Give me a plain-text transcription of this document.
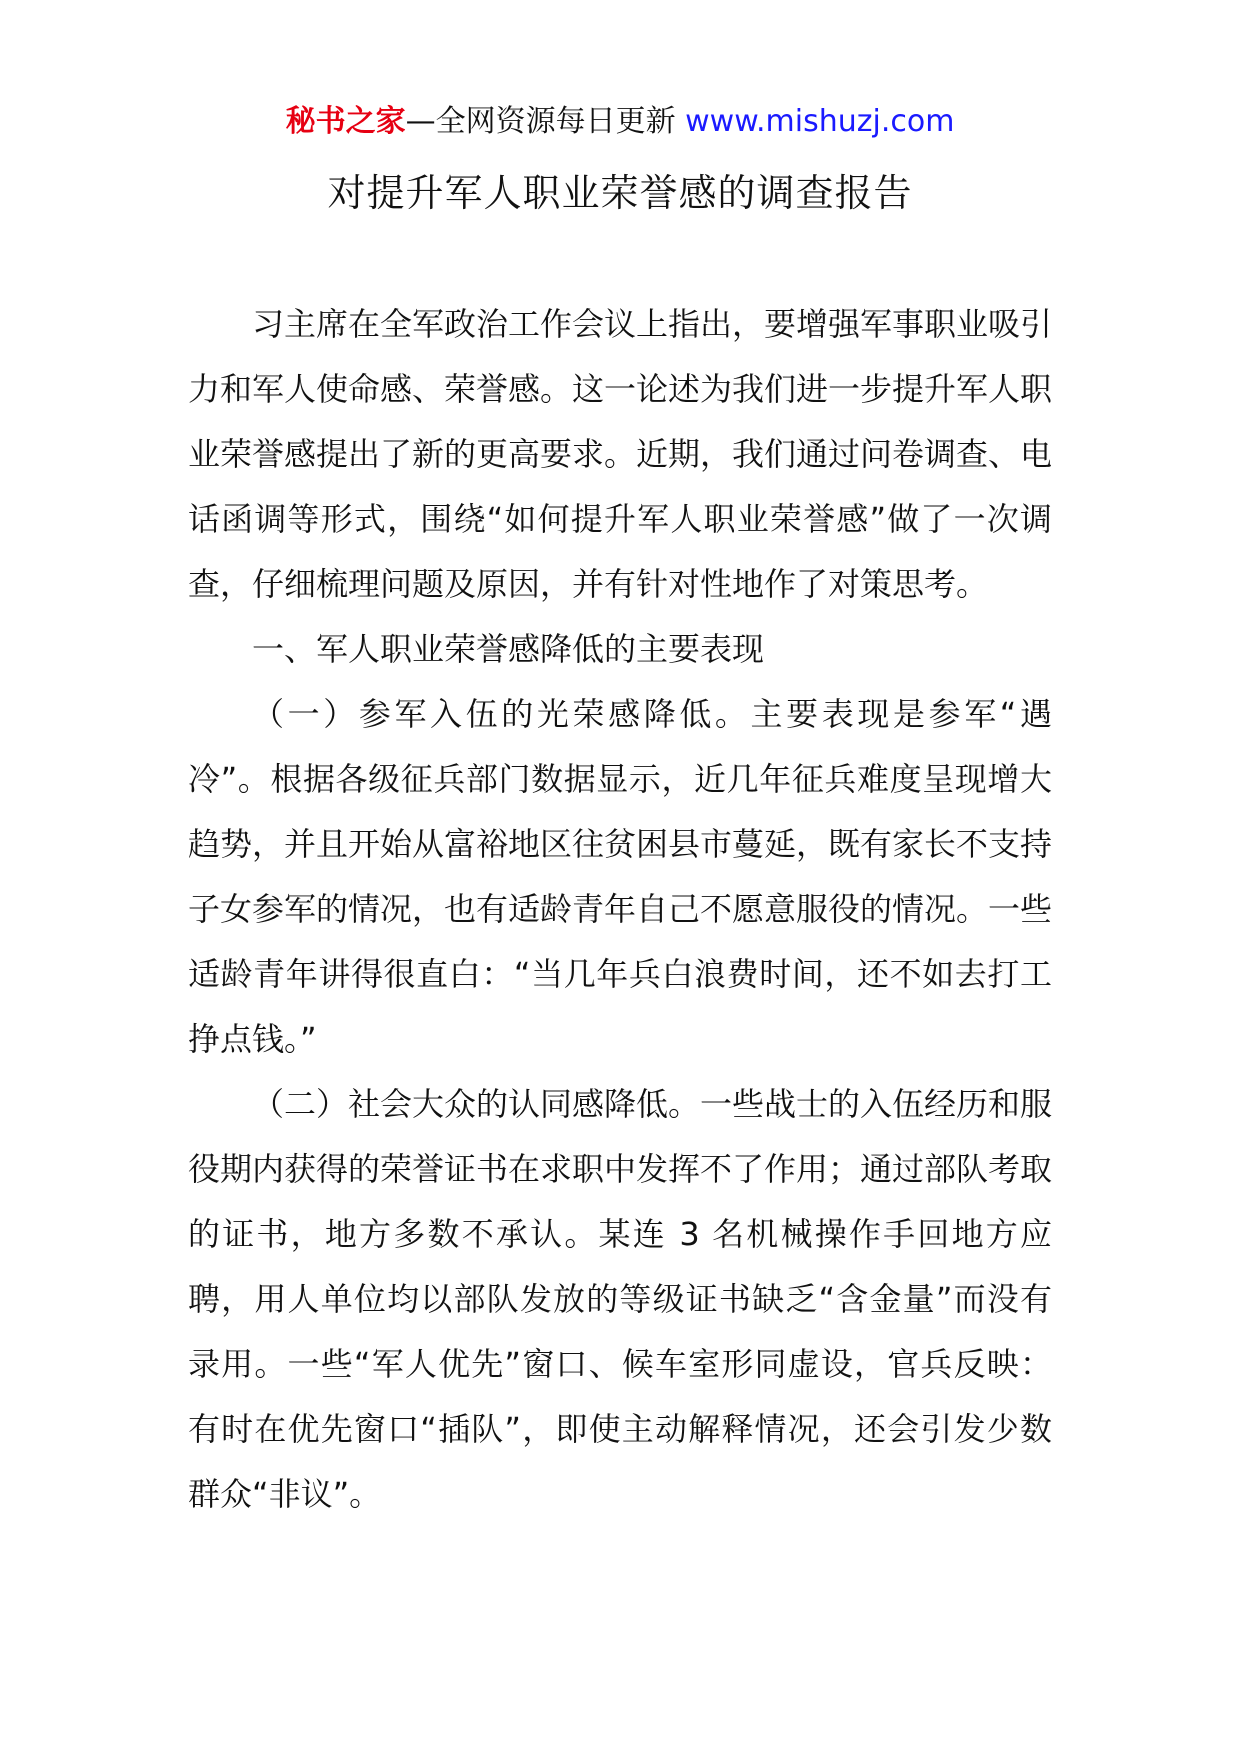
秘书之家—全网资源每日更新 www.mishuzj.com
对提升军人职业荣誉感的调查报告

习主席在全军政治工作会议上指出，要增强军事职业吸引力和军人使命感、荣誉感。这一论述为我们进一步提升军人职业荣誉感提出了新的更高要求。近期，我们通过问卷调查、电话函调等形式，围绕“如何提升军人职业荣誉感”做了一次调查，仔细梳理问题及原因，并有针对性地作了对策思考。

一、军人职业荣誉感降低的主要表现

（一）参军入伍的光荣感降低。主要表现是参军“遇冷”。根据各级征兵部门数据显示，近几年征兵难度呈现增大趋势，并且开始从富裕地区往贫困县市蔓延，既有家长不支持子女参军的情况，也有适龄青年自己不愿意服役的情况。一些适龄青年讲得很直白：“当几年兵白浪费时间，还不如去打工挣点钱。”

（二）社会大众的认同感降低。一些战士的入伍经历和服役期内获得的荣誉证书在求职中发挥不了作用；通过部队考取的证书，地方多数不承认。某连 3 名机械操作手回地方应聘，用人单位均以部队发放的等级证书缺乏“含金量”而没有录用。一些“军人优先”窗口、候车室形同虚设，官兵反映：有时在优先窗口“插队”，即使主动解释情况，还会引发少数群众“非议”。
